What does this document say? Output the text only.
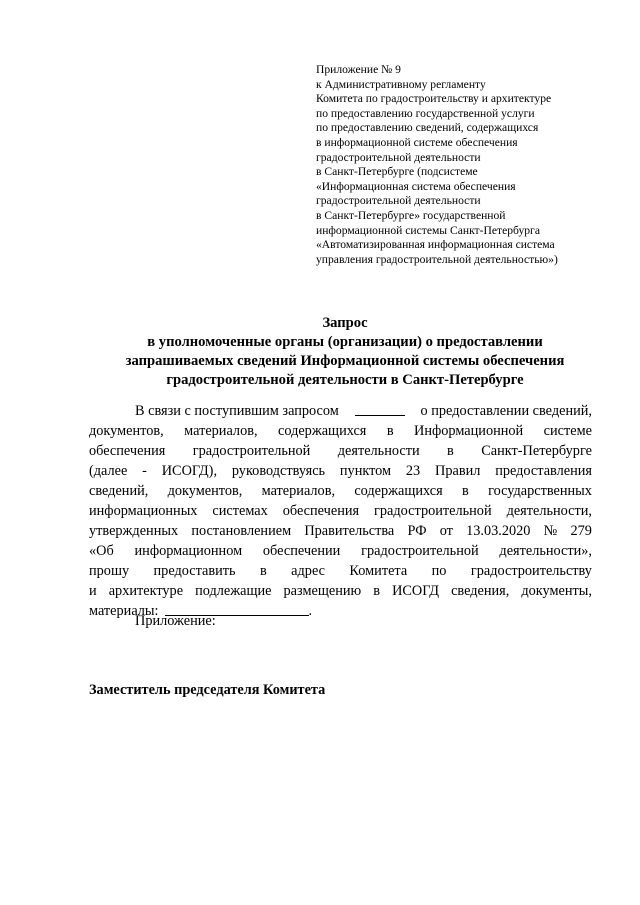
Приложение № 9
к Административному регламенту
Комитета по градостроительству и архитектуре
по предоставлению государственной услуги
по предоставлению сведений, содержащихся
в информационной системе обеспечения
градостроительной деятельности
в Санкт-Петербурге (подсистеме
«Информационная система обеспечения
градостроительной деятельности
в Санкт-Петербурге» государственной
информационной системы Санкт-Петербурга
«Автоматизированная информационная система
управления градостроительной деятельностью»)
Запрос
в уполномоченные органы (организации) о предоставлении
запрашиваемых сведений Информационной системы обеспечения
градостроительной деятельности в Санкт-Петербурге
В связи с поступившим запросом	о предоставлении сведений,
документов, материалов, содержащихся в Информационной системе
обеспечения градостроительной деятельности в Санкт-Петербурге
(далее - ИСОГД), руководствуясь пунктом 23 Правил предоставления
сведений, документов, материалов, содержащихся в государственных
информационных системах обеспечения градостроительной деятельности,
утвержденных постановлением Правительства РФ от 13.03.2020 № 279
«Об информационном обеспечении градостроительной деятельности»,
прошу предоставить в адрес Комитета по градостроительству
и архитектуре подлежащие размещению в ИСОГД сведения, документы,
материалы:	.
Приложение:
Заместитель председателя Комитета
